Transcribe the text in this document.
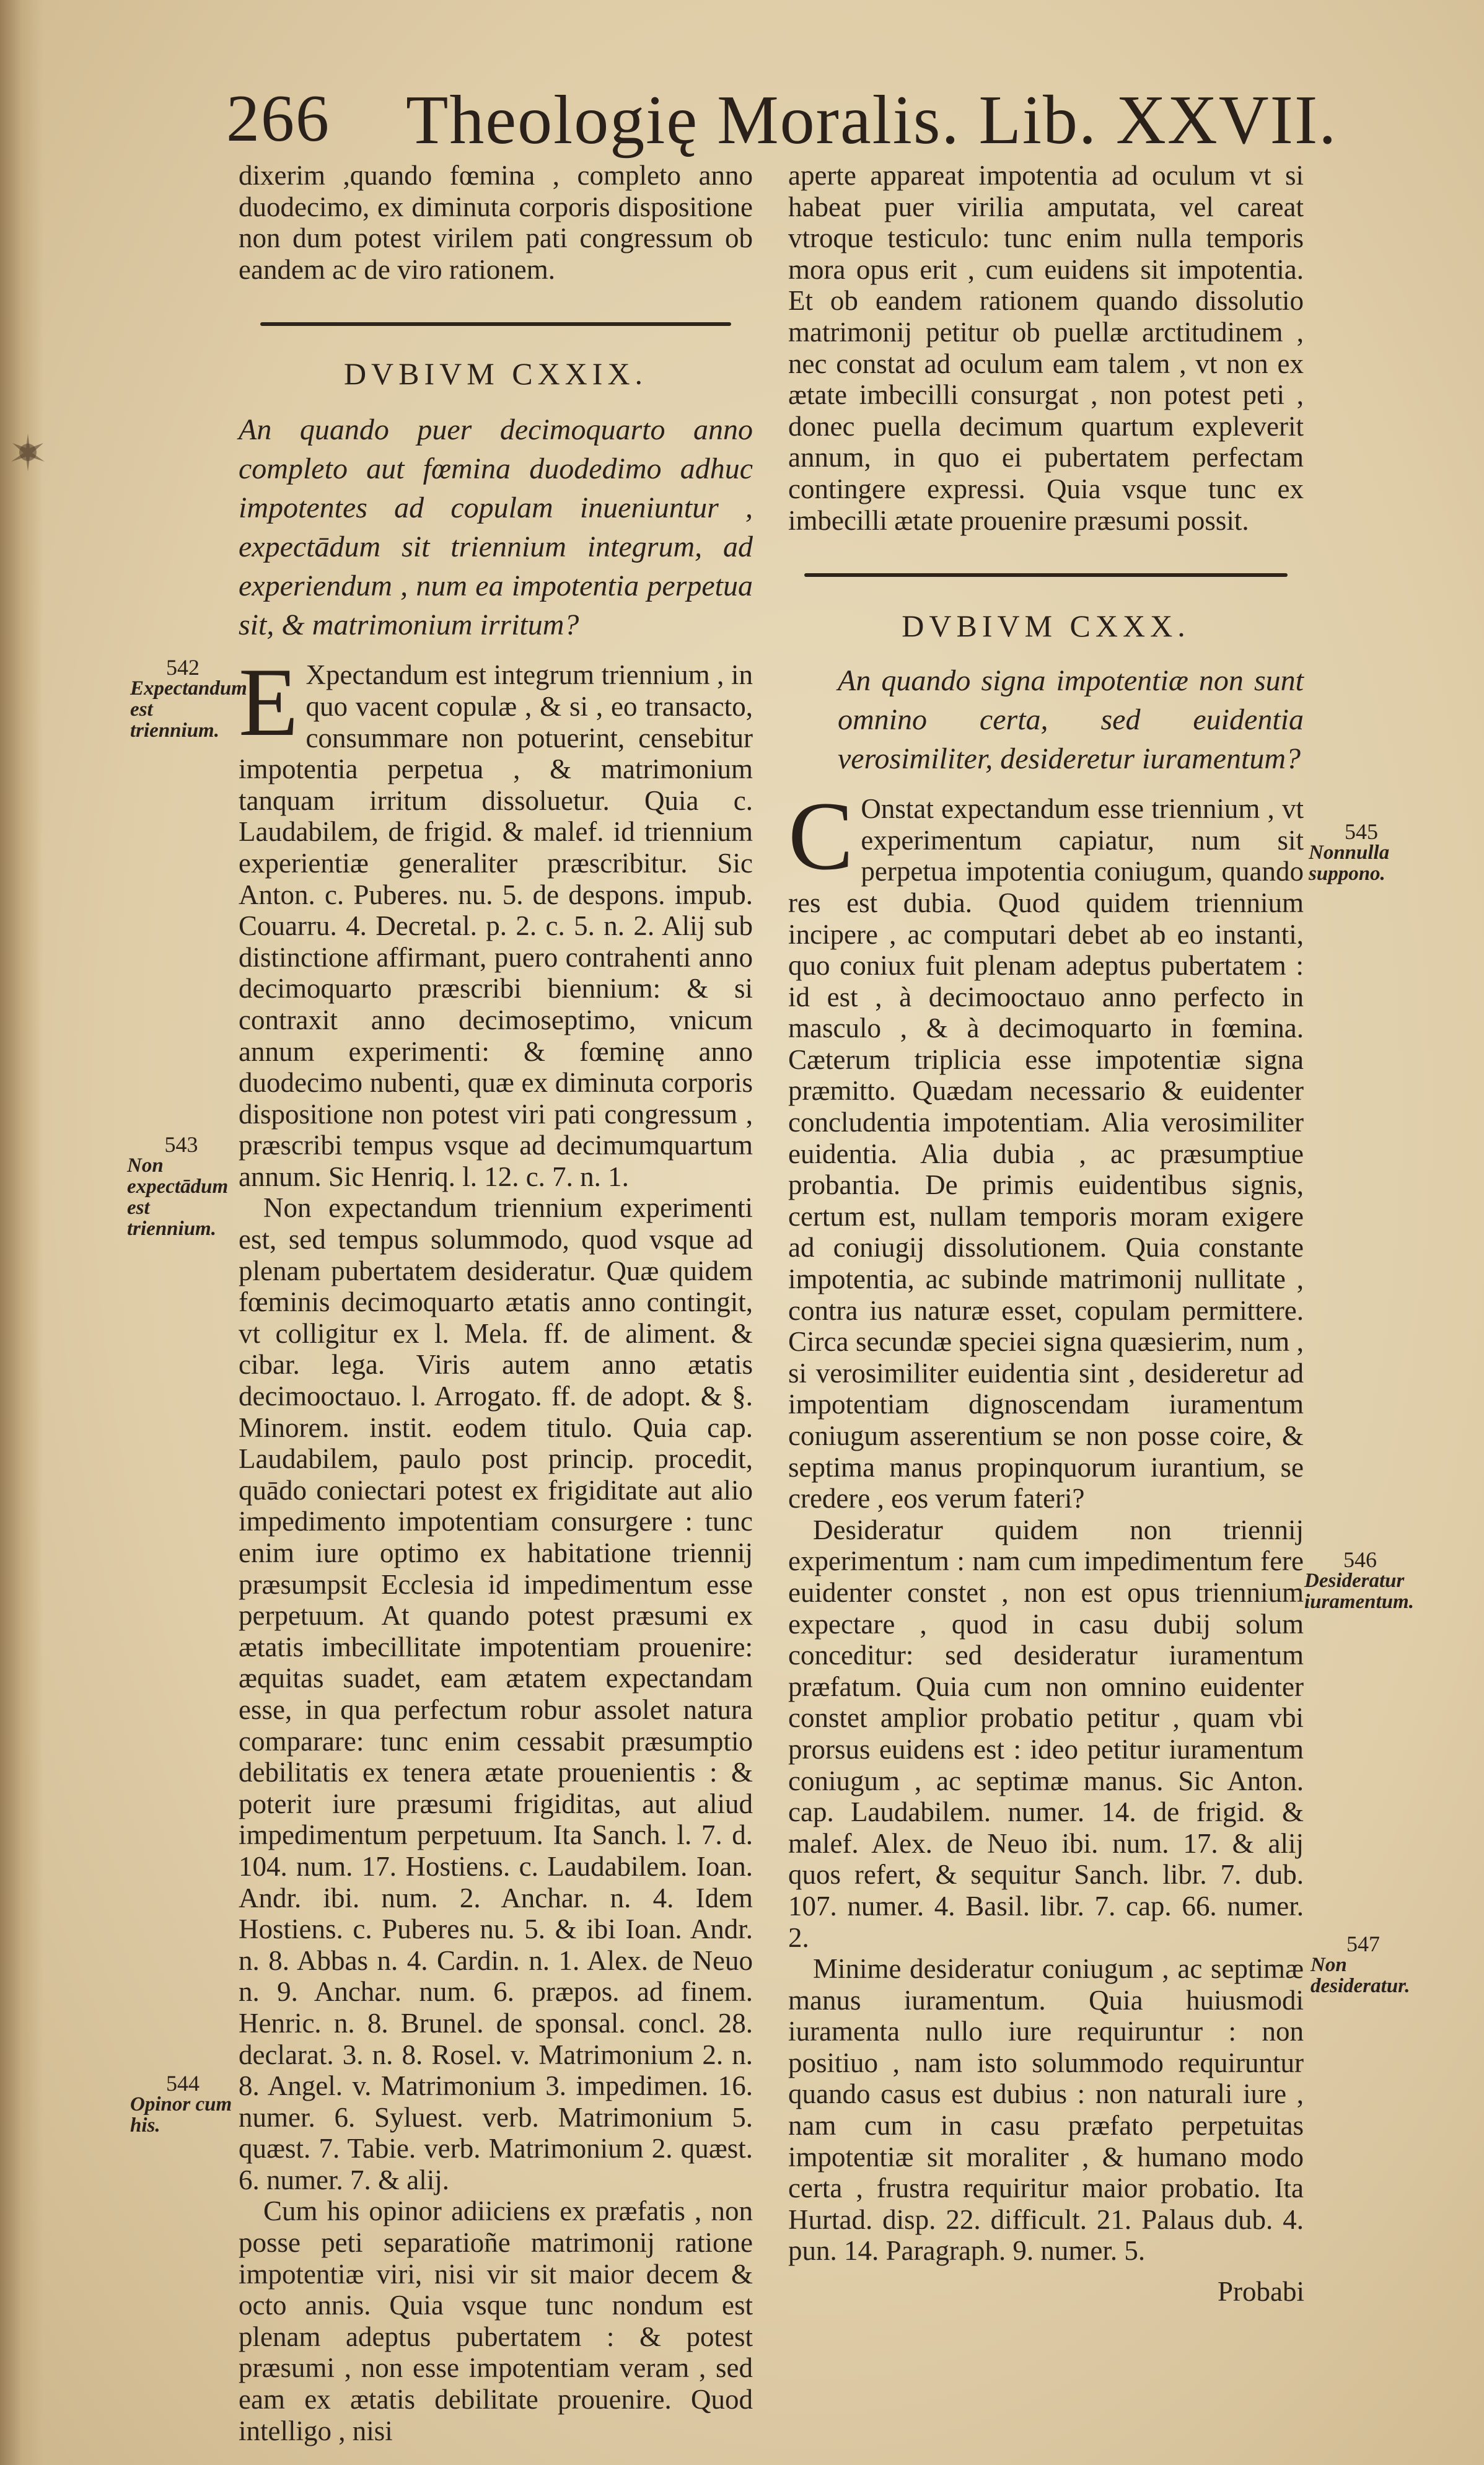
266 Theologię Moralis. Lib. XXVII.

dixerim ,quando fœmina , completo anno duodecimo, ex diminuta corporis dispositione non dum potest virilem pati congressum ob eandem ac de viro rationem.

DVBIVM CXXIX.

An quando puer decimoquarto anno completo aut fœmina duodedimo adhuc impotentes ad copulam inueniuntur , expectādum sit triennium integrum, ad experiendum , num ea impotentia perpetua sit, & matrimonium irritum?

E Xpectandum est integrum triennium , in quo vacent copulæ , & si , eo transacto, consummare non potuerint, censebitur impotentia perpetua , & matrimonium tanquam irritum dissoluetur. Quia c. Laudabilem, de frigid. & malef. id triennium experientiæ generaliter præscribitur. Sic Anton. c. Puberes. nu. 5. de despons. impub. Couarru. 4. Decretal. p. 2. c. 5. n. 2. Alij sub distinctione affirmant, puero contrahenti anno decimoquarto præscribi biennium: & si contraxit anno decimoseptimo, vnicum annum experimenti: & fœminę anno duodecimo nubenti, quæ ex diminuta corporis dispositione non potest viri pati congressum , præscribi tempus vsque ad decimumquartum annum. Sic Henriq. l. 12. c. 7. n. 1.

Non expectandum triennium experimenti est, sed tempus solummodo, quod vsque ad plenam pubertatem desideratur. Quæ quidem fœminis decimoquarto ætatis anno contingit, vt colligitur ex l. Mela. ff. de aliment. & cibar. lega. Viris autem anno ætatis decimooctauo. l. Arrogato. ff. de adopt. & §. Minorem. instit. eodem titulo. Quia cap. Laudabilem, paulo post princip. procedit, quādo coniectari potest ex frigiditate aut alio impedimento impotentiam consurgere : tunc enim iure optimo ex habitatione triennij præsumpsit Ecclesia id impedimentum esse perpetuum. At quando potest præsumi ex ætatis imbecillitate impotentiam prouenire: æquitas suadet, eam ætatem expectandam esse, in qua perfectum robur assolet natura comparare: tunc enim cessabit præsumptio debilitatis ex tenera ætate prouenientis : & poterit iure præsumi frigiditas, aut aliud impedimentum perpetuum. Ita Sanch. l. 7. d. 104. num. 17. Hostiens. c. Laudabilem. Ioan. Andr. ibi. num. 2. Anchar. n. 4. Idem Hostiens. c. Puberes nu. 5. & ibi Ioan. Andr. n. 8. Abbas n. 4. Cardin. n. 1. Alex. de Neuo n. 9. Anchar. num. 6. præpos. ad finem. Henric. n. 8. Brunel. de sponsal. concl. 28. declarat. 3. n. 8. Rosel. v. Matrimonium 2. n. 8. Angel. v. Matrimonium 3. impedimen. 16. numer. 6. Syluest. verb. Matrimonium 5. quæst. 7. Tabie. verb. Matrimonium 2. quæst. 6. numer. 7. & alij.

Cum his opinor adiiciens ex præfatis , non posse peti separatioñe matrimonij ratione impotentiæ viri, nisi vir sit maior decem & octo annis. Quia vsque tunc nondum est plenam adeptus pubertatem : & potest præsumi , non esse impotentiam veram , sed eam ex ætatis debilitate prouenire. Quod intelligo , nisi

aperte appareat impotentia ad oculum vt si habeat puer virilia amputata, vel careat vtroque testiculo: tunc enim nulla temporis mora opus erit , cum euidens sit impotentia. Et ob eandem rationem quando dissolutio matrimonij petitur ob puellæ arctitudinem , nec constat ad oculum eam talem , vt non ex ætate imbecilli consurgat , non potest peti , donec puella decimum quartum expleverit annum, in quo ei pubertatem perfectam contingere expressi. Quia vsque tunc ex imbecilli ætate prouenire præsumi possit.

DVBIVM CXXX.

An quando signa impotentiæ non sunt omnino certa, sed euidentia verosimiliter, desideretur iuramentum?

C Onstat expectandum esse triennium , vt experimentum capiatur, num sit perpetua impotentia coniugum, quando res est dubia. Quod quidem triennium incipere , ac computari debet ab eo instanti, quo coniux fuit plenam adeptus pubertatem : id est , à decimooctauo anno perfecto in masculo , & à decimoquarto in fœmina. Cæterum triplicia esse impotentiæ signa præmitto. Quædam necessario & euidenter concludentia impotentiam. Alia verosimiliter euidentia. Alia dubia , ac præsumptiue probantia. De primis euidentibus signis, certum est, nullam temporis moram exigere ad coniugij dissolutionem. Quia constante impotentia, ac subinde matrimonij nullitate , contra ius naturæ esset, copulam permittere. Circa secundæ speciei signa quæsierim, num , si verosimiliter euidentia sint , desideretur ad impotentiam dignoscendam iuramentum coniugum asserentium se non posse coire, & septima manus propinquorum iurantium, se credere , eos verum fateri?

Desideratur quidem non triennij experimentum : nam cum impedimentum fere euidenter constet , non est opus triennium expectare , quod in casu dubij solum conceditur: sed desideratur iuramentum præfatum. Quia cum non omnino euidenter constet amplior probatio petitur , quam vbi prorsus euidens est : ideo petitur iuramentum coniugum , ac septimæ manus. Sic Anton. cap. Laudabilem. numer. 14. de frigid. & malef. Alex. de Neuo ibi. num. 17. & alij quos refert, & sequitur Sanch. libr. 7. dub. 107. numer. 4. Basil. libr. 7. cap. 66. numer. 2.

Minime desideratur coniugum , ac septimæ manus iuramentum. Quia huiusmodi iuramenta nullo iure requiruntur : non positiuo , nam isto solummodo requiruntur quando casus est dubius : non naturali iure , nam cum in casu præfato perpetuitas impotentiæ sit moraliter , & humano modo certa , frustra requiritur maior probatio. Ita Hurtad. disp. 22. difficult. 21. Palaus dub. 4. pun. 14. Paragraph. 9. numer. 5.

542
Expectandum est triennium.
543
Non expectādum est triennium.
544
Opinor cum his.
545
Nonnulla suppono.
546
Desideratur iuramentum.
547
Non desideratur.
Probabi
